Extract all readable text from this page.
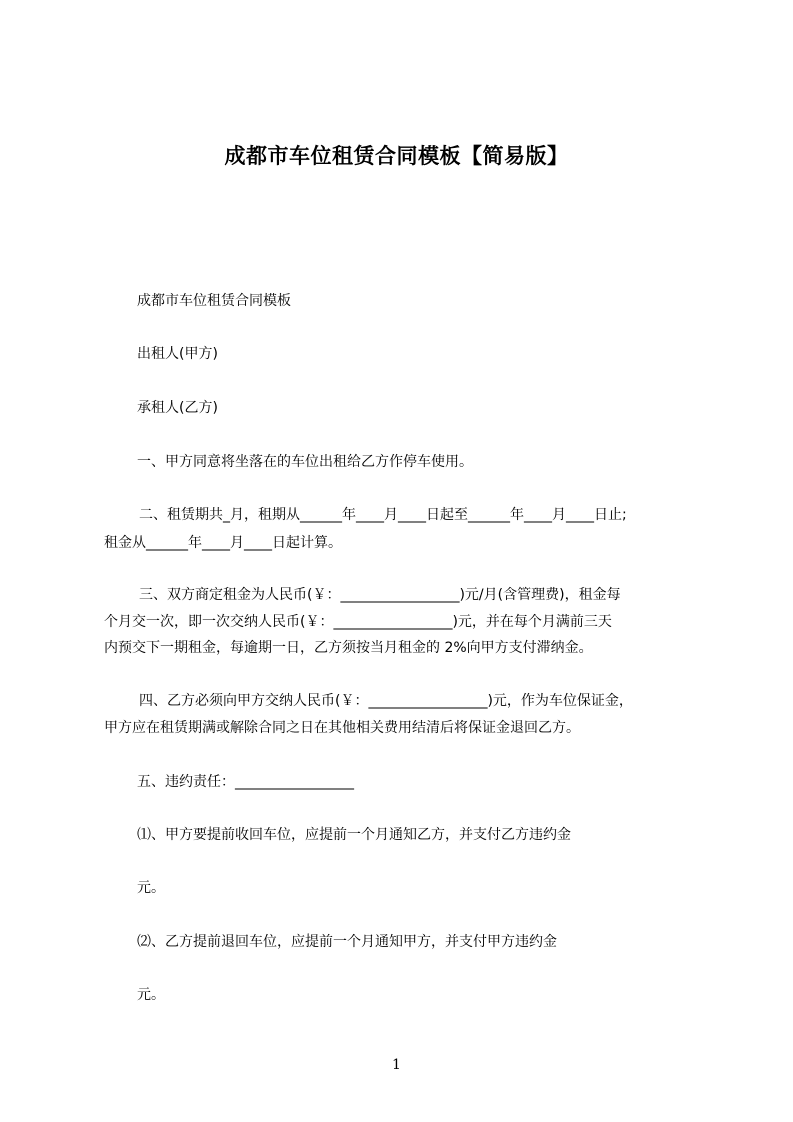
成都市车位租赁合同模板【简易版】
成都市车位租赁合同模板
出租人(甲方)
承租人(乙方)
一、甲方同意将坐落在的车位出租给乙方作停车使用。
二、租赁期共_月，租期从______年____月____日起至______年____月____日止;
租金从______年____月____日起计算。
三、双方商定租金为人民币(￥：_________________)元/月(含管理费)，租金每
个月交一次，即一次交纳人民币(￥：_________________)元，并在每个月满前三天
内预交下一期租金，每逾期一日，乙方须按当月租金的 2%向甲方支付滞纳金。
四、乙方必须向甲方交纳人民币(￥：_________________)元，作为车位保证金，
甲方应在租赁期满或解除合同之日在其他相关费用结清后将保证金退回乙方。
五、违约责任：_________________
⑴、甲方要提前收回车位，应提前一个月通知乙方，并支付乙方违约金
元。
⑵、乙方提前退回车位，应提前一个月通知甲方，并支付甲方违约金
元。
1
